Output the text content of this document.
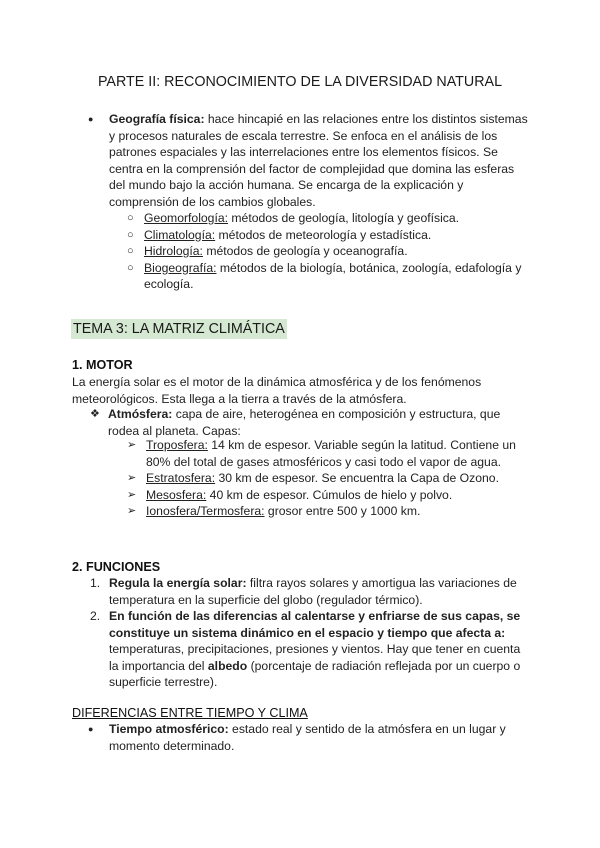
PARTE II: RECONOCIMIENTO DE LA DIVERSIDAD NATURAL
●	Geografía física: hace hincapié en las relaciones entre los distintos sistemas y procesos naturales de escala terrestre. Se enfoca en el análisis de los patrones espaciales y las interrelaciones entre los elementos físicos. Se centra en la comprensión del factor de complejidad que domina las esferas del mundo bajo la acción humana. Se encarga de la explicación y comprensión de los cambios globales.
○ Geomorfología: métodos de geología, litología y geofísica.
○ Climatología: métodos de meteorología y estadística.
○ Hidrología: métodos de geología y oceanografía.
○ Biogeografía: métodos de la biología, botánica, zoología, edafología y ecología.
TEMA 3: LA MATRIZ CLIMÁTICA
1. MOTOR
La energía solar es el motor de la dinámica atmosférica y de los fenómenos meteorológicos. Esta llega a la tierra a través de la atmósfera.
❖ Atmósfera: capa de aire, heterogénea en composición y estructura, que rodea al planeta. Capas:
➢ Troposfera: 14 km de espesor. Variable según la latitud. Contiene un 80% del total de gases atmosféricos y casi todo el vapor de agua.
➢ Estratosfera: 30 km de espesor. Se encuentra la Capa de Ozono.
➢ Mesosfera: 40 km de espesor. Cúmulos de hielo y polvo.
➢ Ionosfera/Termosfera: grosor entre 500 y 1000 km.
2. FUNCIONES
1. Regula la energía solar: filtra rayos solares y amortigua las variaciones de temperatura en la superficie del globo (regulador térmico).
2. En función de las diferencias al calentarse y enfriarse de sus capas, se constituye un sistema dinámico en el espacio y tiempo que afecta a: temperaturas, precipitaciones, presiones y vientos. Hay que tener en cuenta la importancia del albedo (porcentaje de radiación reflejada por un cuerpo o superficie terrestre).
DIFERENCIAS ENTRE TIEMPO Y CLIMA
●	Tiempo atmosférico: estado real y sentido de la atmósfera en un lugar y momento determinado.
